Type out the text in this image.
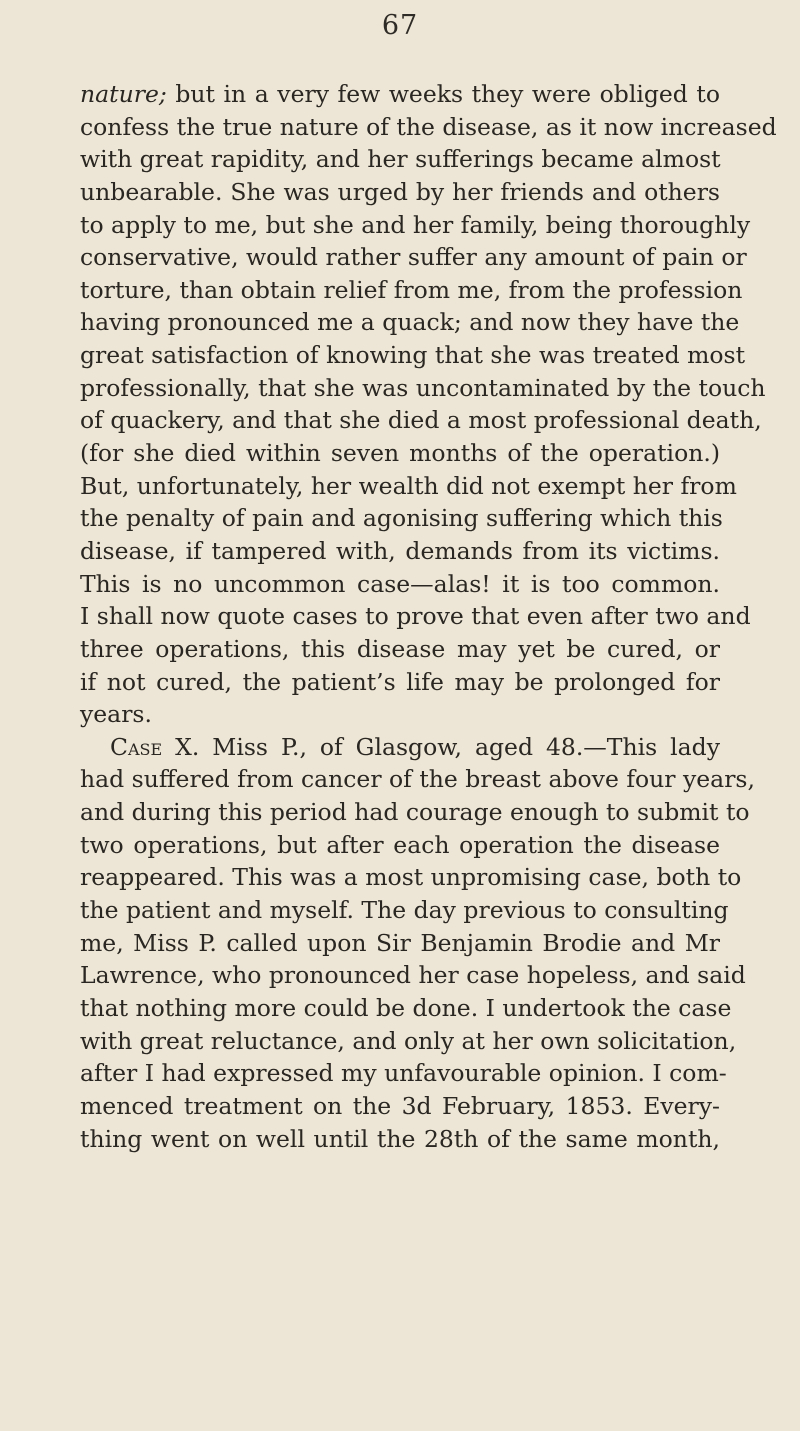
67
nature; but in a very few weeks they were obliged to
confess the true nature of the disease, as it now increased
with great rapidity, and her sufferings became almost
unbearable. She was urged by her friends and others
to apply to me, but she and her family, being thoroughly
conservative, would rather suffer any amount of pain or
torture, than obtain relief from me, from the profession
having pronounced me a quack; and now they have the
great satisfaction of knowing that she was treated most
professionally, that she was uncontaminated by the touch
of quackery, and that she died a most professional death,
(for she died within seven months of the operation.)
But, unfortunately, her wealth did not exempt her from
the penalty of pain and agonising suffering which this
disease, if tampered with, demands from its victims.
This is no uncommon case—alas! it is too common.
I shall now quote cases to prove that even after two and
three operations, this disease may yet be cured, or
if not cured, the patient’s life may be prolonged for
years.
Case X. Miss P., of Glasgow, aged 48.—This lady
had suffered from cancer of the breast above four years,
and during this period had courage enough to submit to
two operations, but after each operation the disease
reappeared. This was a most unpromising case, both to
the patient and myself. The day previous to consulting
me, Miss P. called upon Sir Benjamin Brodie and Mr
Lawrence, who pronounced her case hopeless, and said
that nothing more could be done. I undertook the case
with great reluctance, and only at her own solicitation,
after I had expressed my unfavourable opinion. I com-
menced treatment on the 3d February, 1853. Every-
thing went on well until the 28th of the same month,
